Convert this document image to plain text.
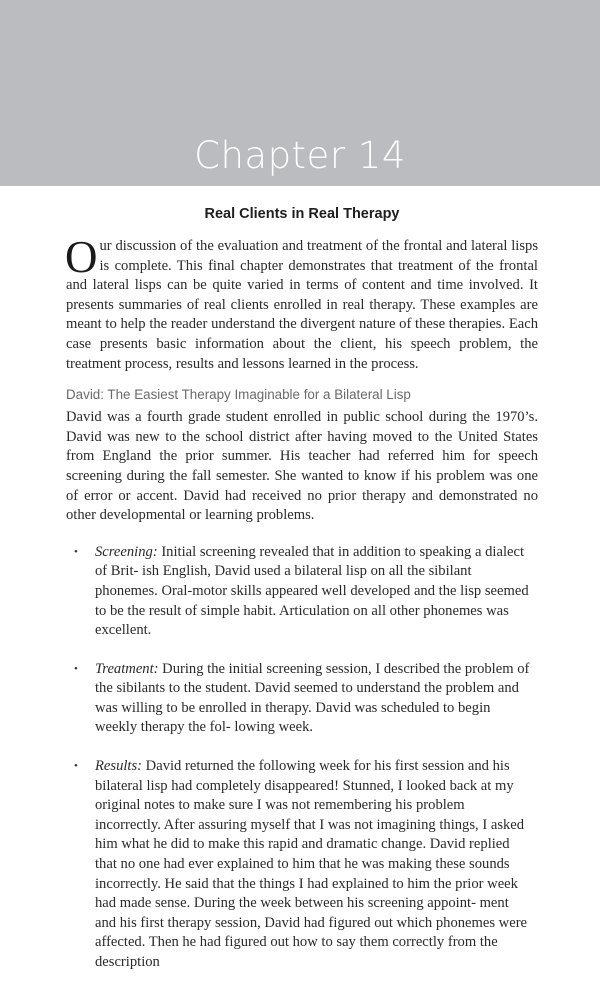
Chapter 14
Real Clients in Real Therapy

Our discussion of the evaluation and treatment of the frontal and lateral lisps is complete. This final chapter demonstrates that treatment of the frontal and lateral lisps can be quite varied in terms of content and time involved. It presents summaries of real clients enrolled in real therapy. These examples are meant to help the reader understand the divergent nature of these therapies. Each case presents basic information about the client, his speech problem, the treatment process, results and lessons learned in the process.

David: The Easiest Therapy Imaginable for a Bilateral Lisp

David was a fourth grade student enrolled in public school during the 1970’s. David was new to the school district after having moved to the United States from England the prior summer. His teacher had referred him for speech screening during the fall semester. She wanted to know if his problem was one of error or accent. David had received no prior therapy and demonstrated no other developmental or learning problems.

• Screening: Initial screening revealed that in addition to speaking a dialect of Brit- ish English, David used a bilateral lisp on all the sibilant phonemes. Oral-motor skills appeared well developed and the lisp seemed to be the result of simple habit. Articulation on all other phonemes was excellent.
• Treatment: During the initial screening session, I described the problem of the sibilants to the student. David seemed to understand the problem and was willing to be enrolled in therapy. David was scheduled to begin weekly therapy the fol- lowing week.
• Results: David returned the following week for his first session and his bilateral lisp had completely disappeared! Stunned, I looked back at my original notes to make sure I was not remembering his problem incorrectly. After assuring myself that I was not imagining things, I asked him what he did to make this rapid and dramatic change. David replied that no one had ever explained to him that he was making these sounds incorrectly. He said that the things I had explained to him the prior week had made sense. During the week between his screening appoint- ment and his first therapy session, David had figured out which phonemes were affected. Then he had figured out how to say them correctly from the description
